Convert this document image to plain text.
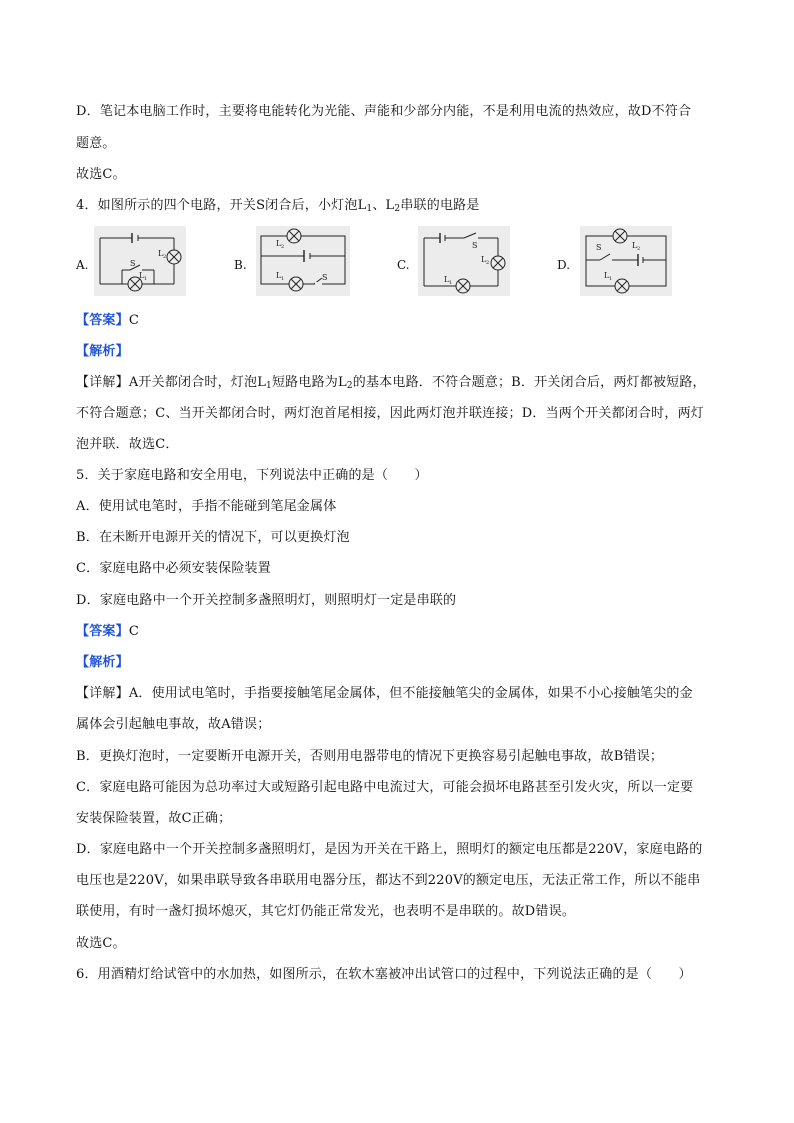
D．笔记本电脑工作时，主要将电能转化为光能、声能和少部分内能，不是利用电流的热效应，故D不符合
题意。
故选C。
4．如图所示的四个电路，开关S闭合后，小灯泡$L_1$、$L_2$串联的电路是
A.	B.	C.	D.
S
L 1
L 2
L 2
L 1	S
S
L 2
L 1
S	L 2
L 1
【答案】C
【解析】
【详解】A开关都闭合时，灯泡$L_1$短路电路为$L_2$的基本电路．不符合题意；B．开关闭合后，两灯都被短路，
不符合题意；C、当开关都闭合时，两灯泡首尾相接，因此两灯泡并联连接；D．当两个开关都闭合时，两灯
泡并联．故选C．
5．关于家庭电路和安全用电，下列说法中正确的是（　　）
A．使用试电笔时，手指不能碰到笔尾金属体
B．在未断开电源开关的情况下，可以更换灯泡
C．家庭电路中必须安装保险装置
D．家庭电路中一个开关控制多盏照明灯，则照明灯一定是串联的
【答案】C
【解析】
【详解】A．使用试电笔时，手指要接触笔尾金属体，但不能接触笔尖的金属体，如果不小心接触笔尖的金
属体会引起触电事故，故A错误；
B．更换灯泡时，一定要断开电源开关，否则用电器带电的情况下更换容易引起触电事故，故B错误；
C．家庭电路可能因为总功率过大或短路引起电路中电流过大，可能会损坏电路甚至引发火灾，所以一定要
安装保险装置，故C正确；
D．家庭电路中一个开关控制多盏照明灯，是因为开关在干路上，照明灯的额定电压都是220V，家庭电路的
电压也是220V，如果串联导致各串联用电器分压，都达不到220V的额定电压，无法正常工作，所以不能串
联使用，有时一盏灯损坏熄灭，其它灯仍能正常发光，也表明不是串联的。故D错误。
故选C。
6．用酒精灯给试管中的水加热，如图所示，在软木塞被冲出试管口的过程中，下列说法正确的是（　　）
